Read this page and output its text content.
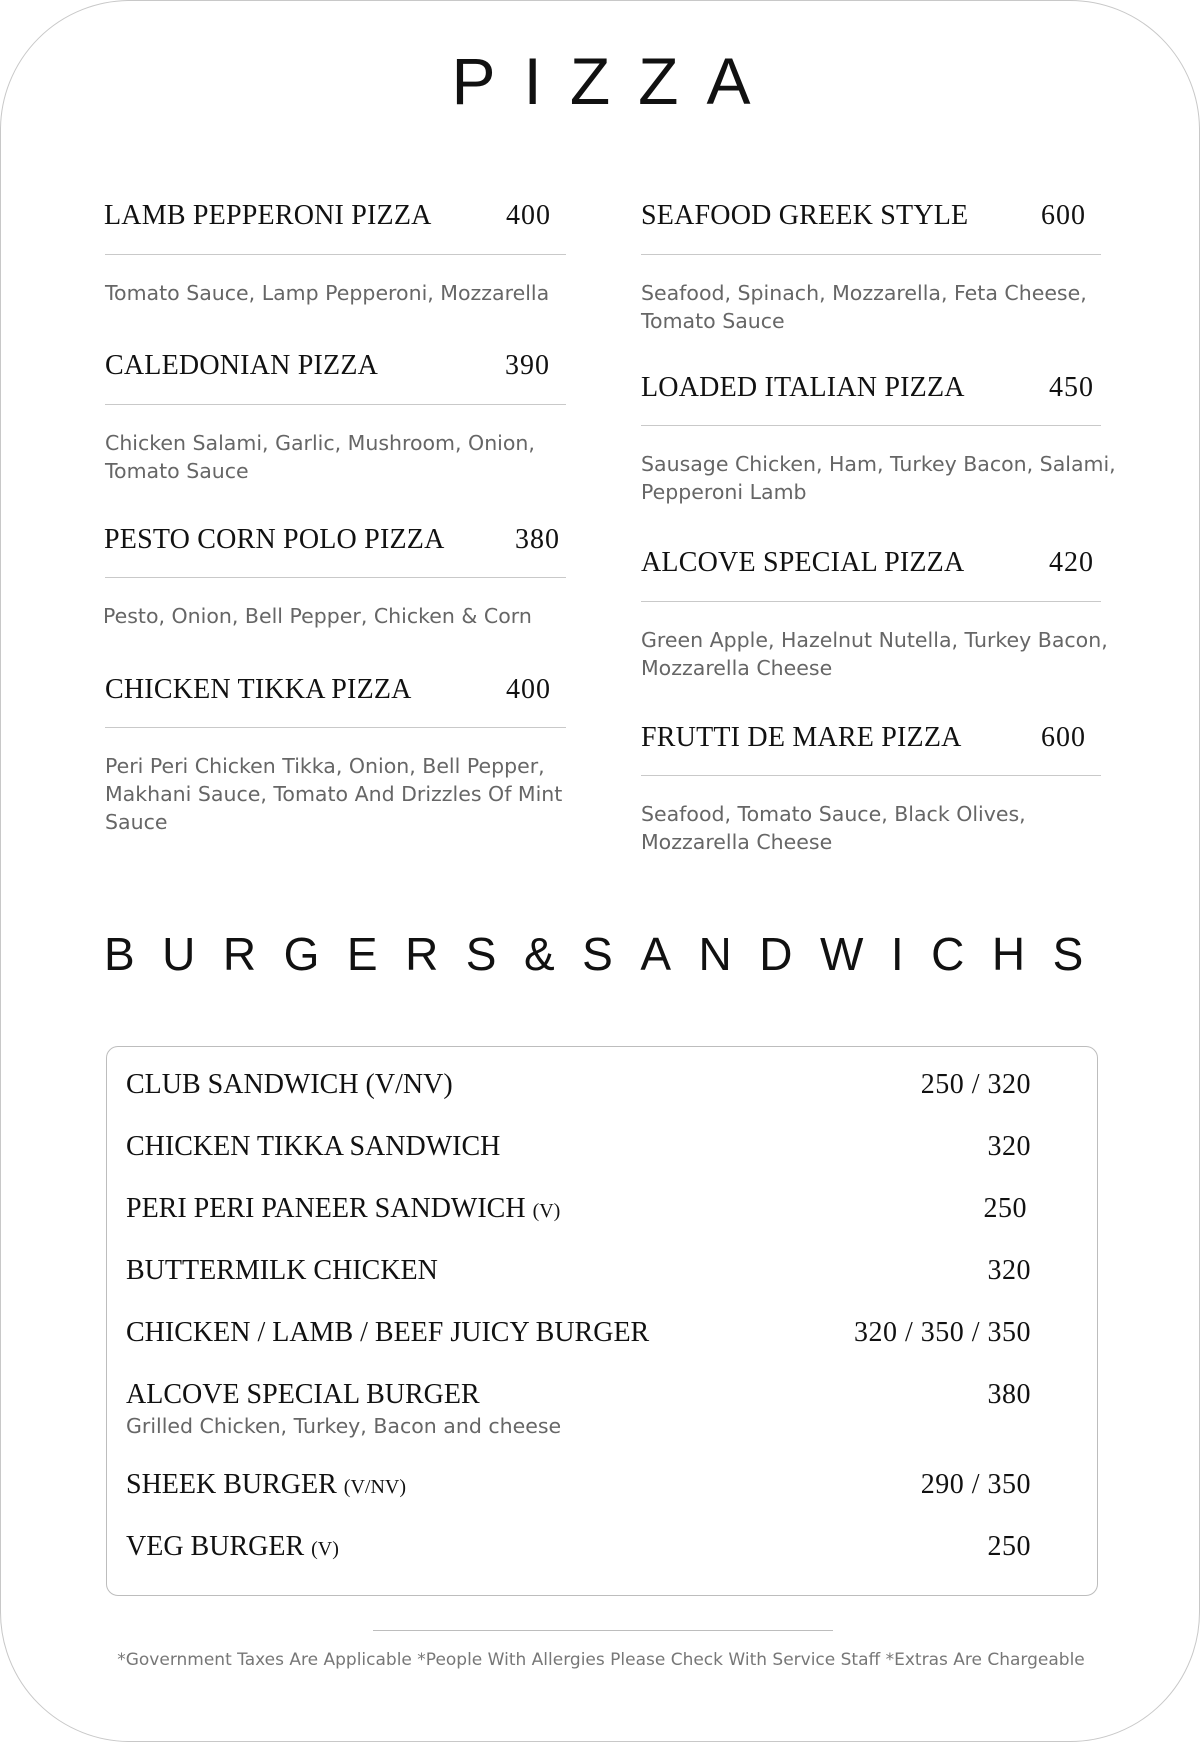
PIZZA
LAMB PEPPERONI PIZZA	400
Tomato Sauce, Lamp Pepperoni, Mozzarella
CALEDONIAN PIZZA	390
Chicken Salami, Garlic, Mushroom, Onion, Tomato Sauce
PESTO CORN POLO PIZZA	380
Pesto, Onion, Bell Pepper, Chicken & Corn
CHICKEN TIKKA PIZZA	400
Peri Peri Chicken Tikka, Onion, Bell Pepper, Makhani Sauce, Tomato And Drizzles Of Mint Sauce
SEAFOOD GREEK STYLE	600
Seafood, Spinach, Mozzarella, Feta Cheese, Tomato Sauce
LOADED ITALIAN PIZZA	450
Sausage Chicken, Ham, Turkey Bacon, Salami, Pepperoni Lamb
ALCOVE SPECIAL PIZZA	420
Green Apple, Hazelnut Nutella, Turkey Bacon, Mozzarella Cheese
FRUTTI DE MARE PIZZA	600
Seafood, Tomato Sauce, Black Olives, Mozzarella Cheese
BURGERS&SANDWICHS
CLUB SANDWICH (V/NV)	250 / 320
CHICKEN TIKKA SANDWICH	320
PERI PERI PANEER SANDWICH (V)	250
BUTTERMILK CHICKEN	320
CHICKEN / LAMB / BEEF JUICY BURGER	320 / 350 / 350
ALCOVE SPECIAL BURGER	380
Grilled Chicken, Turkey, Bacon and cheese
SHEEK BURGER (V/NV)	290 / 350
VEG BURGER (V)	250
*Government Taxes Are Applicable *People With Allergies Please Check With Service Staff *Extras Are Chargeable
